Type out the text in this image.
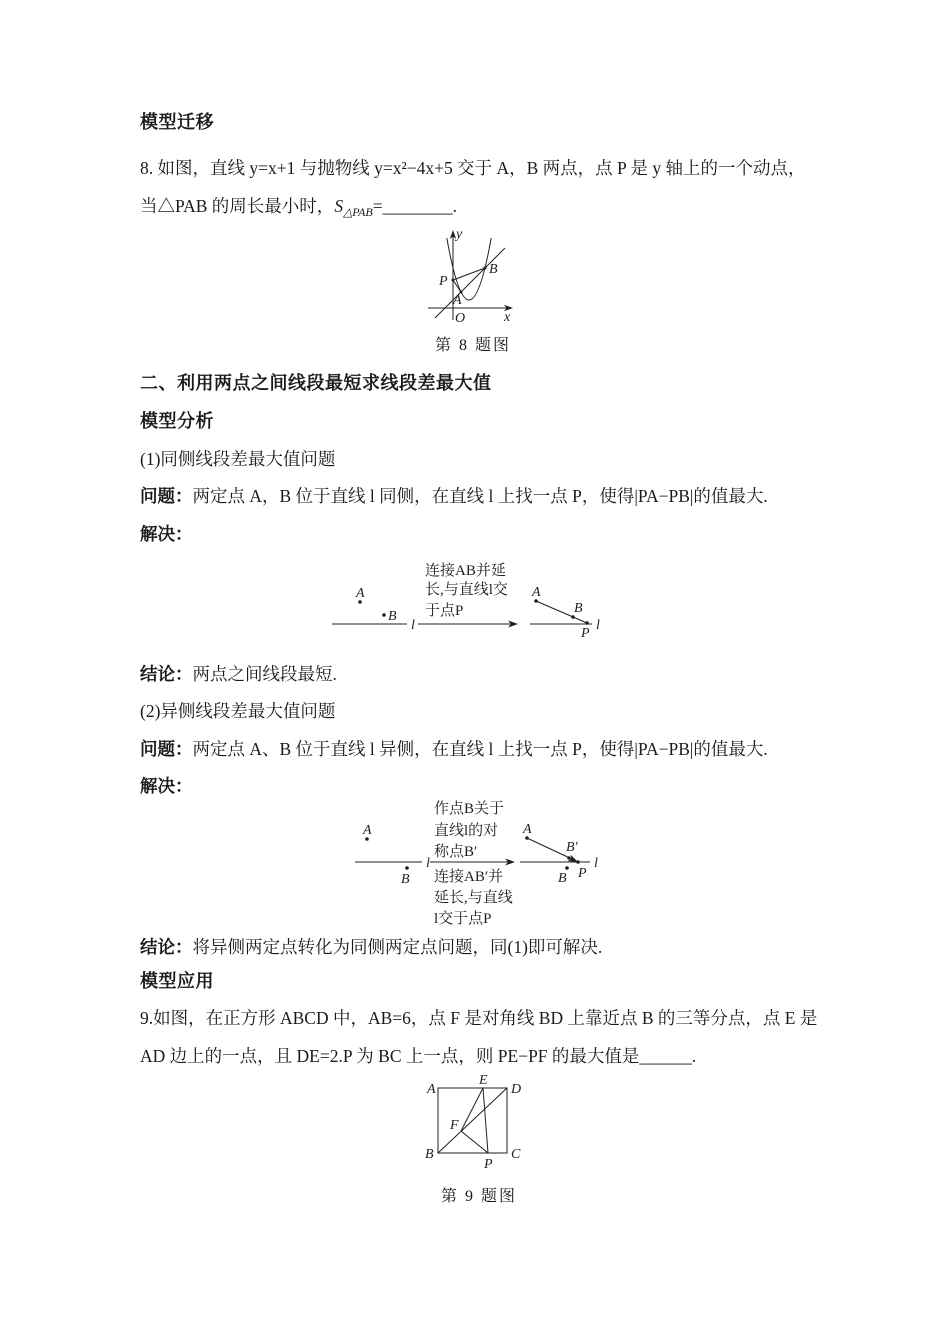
模型迁移
8. 如图，直线 y=x+1 与抛物线 y=x²−4x+5 交于 A，B 两点，点 P 是 y 轴上的一个动点，
当△PAB 的周长最小时，$S_{\triangle PAB}=\_\_\_\_\_\_\_\_$.
y
x
O
P
A
B
第 8 题图
二、利用两点之间线段最短求线段差最大值
模型分析
(1)同侧线段差最大值问题
问题：两定点 A，B 位于直线 l 同侧，在直线 l 上找一点 P，使得|PA−PB|的值最大.
解决：
l
A
B
连接AB并延
长,与直线l交
于点P
l
A
B
P
结论：两点之间线段最短.
(2)异侧线段差最大值问题
问题：两定点 A、B 位于直线 l 异侧，在直线 l 上找一点 P，使得|PA−PB|的值最大.
解决：
l
A
B
作点B关于
直线l的对
称点B′
连接AB′并
延长,与直线
l交于点P
l
A
B′
P
B
结论：将异侧两定点转化为同侧两定点问题，同(1)即可解决.
模型应用
9.如图，在正方形 ABCD 中，AB=6，点 F 是对角线 BD 上靠近点 B 的三等分点，点 E 是
AD 边上的一点，且 DE=2.P 为 BC 上一点，则 PE−PF 的最大值是______.
A	D
B	C
E
F
P
第 9 题图
